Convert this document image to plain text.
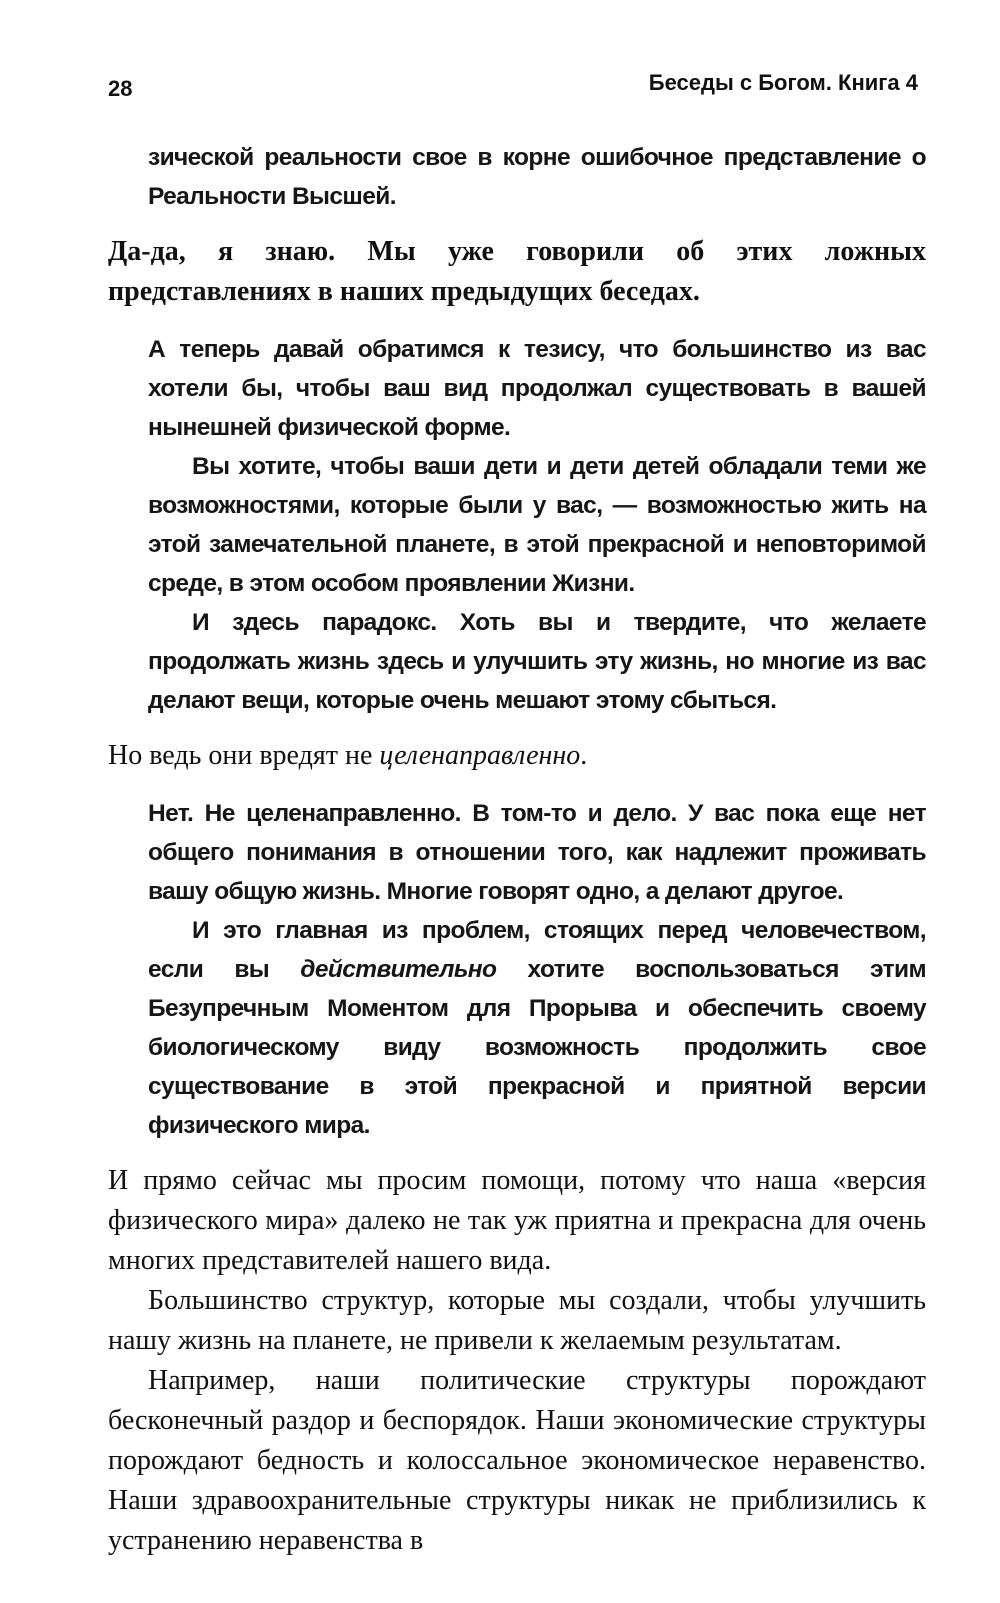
28	Беседы с Богом. Книга 4

зической реальности свое в корне ошибочное представление о Реальности Высшей.

Да-да, я знаю. Мы уже говорили об этих ложных представлениях в наших предыдущих беседах.

А теперь давай обратимся к тезису, что большинство из вас хотели бы, чтобы ваш вид продолжал существовать в вашей нынешней физической форме.

Вы хотите, чтобы ваши дети и дети детей обладали теми же возможностями, которые были у вас, — возможностью жить на этой замечательной планете, в этой прекрасной и неповторимой среде, в этом особом проявлении Жизни.

И здесь парадокс. Хоть вы и твердите, что желаете продолжать жизнь здесь и улучшить эту жизнь, но многие из вас делают вещи, которые очень мешают этому сбыться.

Но ведь они вредят не целенаправленно.

Нет. Не целенаправленно. В том-то и дело. У вас пока еще нет общего понимания в отношении того, как надлежит проживать вашу общую жизнь. Многие говорят одно, а делают другое.

И это главная из проблем, стоящих перед человечеством, если вы действительно хотите воспользоваться этим Безупречным Моментом для Прорыва и обеспечить своему биологическому виду возможность продолжить свое существование в этой прекрасной и приятной версии физического мира.

И прямо сейчас мы просим помощи, потому что наша «версия физического мира» далеко не так уж приятна и прекрасна для очень многих представителей нашего вида.

Большинство структур, которые мы создали, чтобы улучшить нашу жизнь на планете, не привели к желаемым результатам.

Например, наши политические структуры порождают бесконечный раздор и беспорядок. Наши экономические структуры порождают бедность и колоссальное экономическое неравенство. Наши здравоохранительные структуры никак не приблизились к устранению неравенства в
